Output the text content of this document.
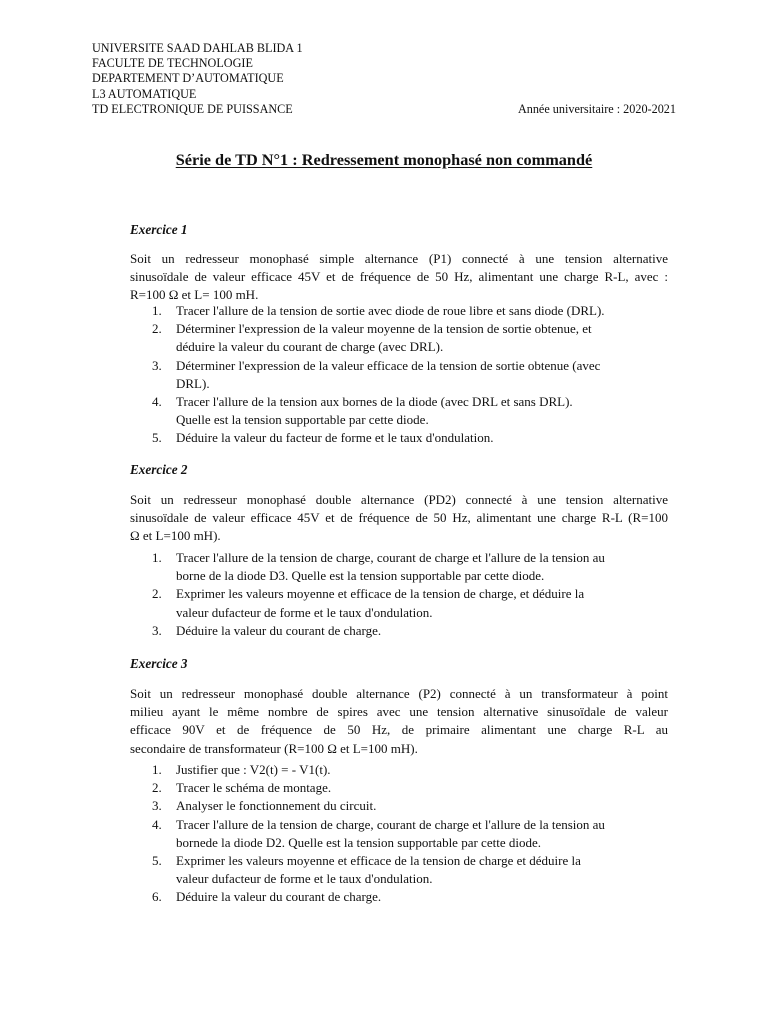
UNIVERSITE SAAD DAHLAB BLIDA 1
FACULTE DE TECHNOLOGIE
DEPARTEMENT D’AUTOMATIQUE
L3 AUTOMATIQUE
TD ELECTRONIQUE DE PUISSANCE	Année universitaire : 2020-2021
Série de TD N°1 : Redressement monophasé non commandé
Exercice 1
Soit un redresseur monophasé simple alternance (P1) connecté à une tension alternative
sinusoïdale de valeur efficace 45V et de fréquence de 50 Hz, alimentant une charge R-L, avec :
R=100 Ω et L= 100 mH.
1. Tracer l'allure de la tension de sortie avec diode de roue libre et sans diode (DRL).
2. Déterminer l'expression de la valeur moyenne de la tension de sortie obtenue, et
déduire la valeur du courant de charge (avec DRL).
3. Déterminer l'expression de la valeur efficace de la tension de sortie obtenue (avec
DRL).
4. Tracer l'allure de la tension aux bornes de la diode (avec DRL et sans DRL).
Quelle est la tension supportable par cette diode.
5. Déduire la valeur du facteur de forme et le taux d'ondulation.
Exercice 2
Soit un redresseur monophasé double alternance (PD2) connecté à une tension alternative
sinusoïdale de valeur efficace 45V et de fréquence de 50 Hz, alimentant une charge R-L (R=100
Ω et L=100 mH).
1. Tracer l'allure de la tension de charge, courant de charge et l'allure de la tension au
borne de la diode D3. Quelle est la tension supportable par cette diode.
2. Exprimer les valeurs moyenne et efficace de la tension de charge, et déduire la
valeur dufacteur de forme et le taux d'ondulation.
3. Déduire la valeur du courant de charge.
Exercice 3
Soit un redresseur monophasé double alternance (P2) connecté à un transformateur à point
milieu ayant le même nombre de spires avec une tension alternative sinusoïdale de valeur
efficace 90V et de fréquence de 50 Hz, de primaire alimentant une charge R-L au
secondaire de transformateur (R=100 Ω et L=100 mH).
1. Justifier que : V2(t) = - V1(t).
2. Tracer le schéma de montage.
3. Analyser le fonctionnement du circuit.
4. Tracer l'allure de la tension de charge, courant de charge et l'allure de la tension au
bornede la diode D2. Quelle est la tension supportable par cette diode.
5. Exprimer les valeurs moyenne et efficace de la tension de charge et déduire la
valeur dufacteur de forme et le taux d'ondulation.
6. Déduire la valeur du courant de charge.
